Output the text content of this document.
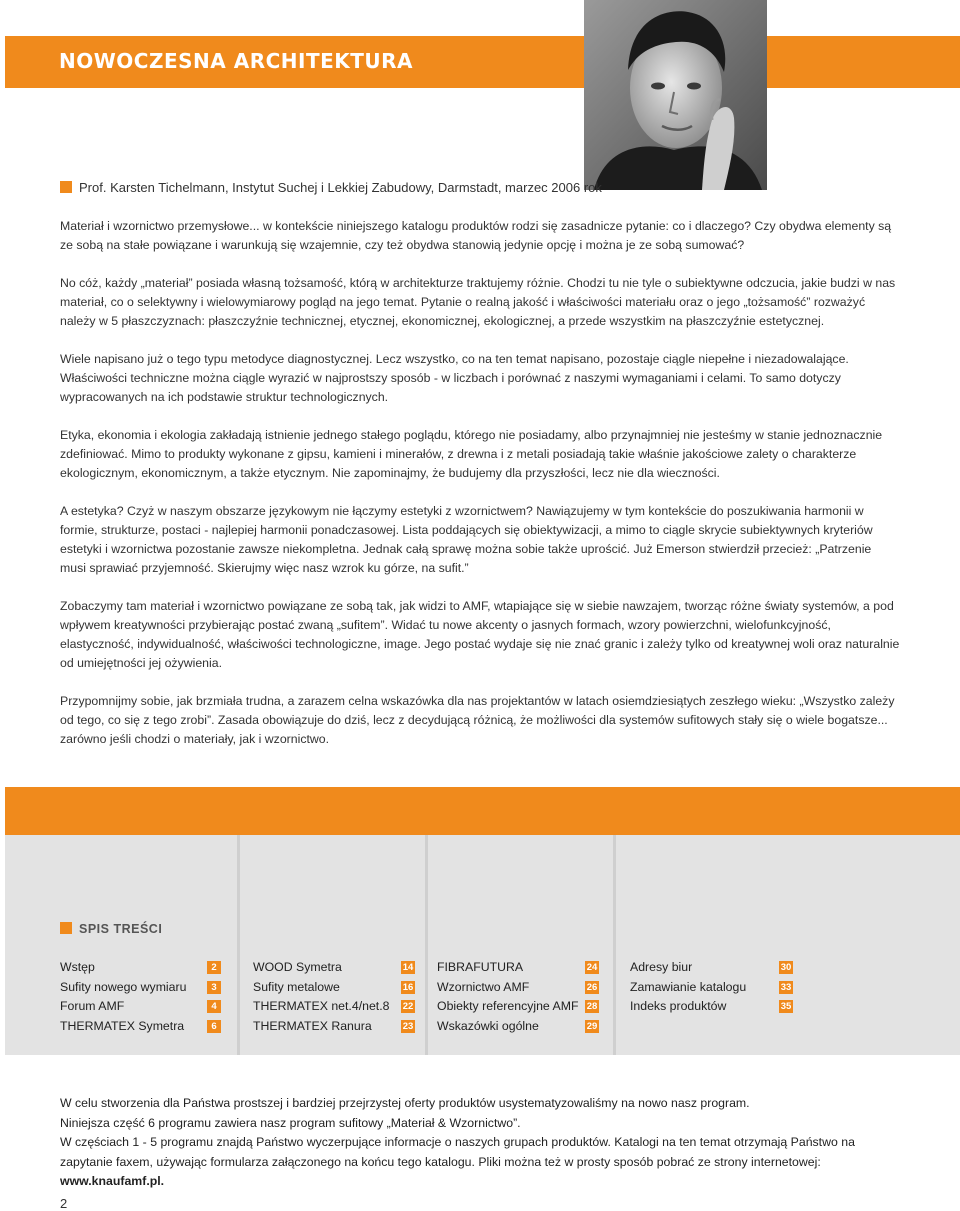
NOWOCZESNA ARCHITEKTURA
Prof. Karsten Tichelmann, Instytut Suchej i Lekkiej Zabudowy, Darmstadt, marzec 2006 rok

Materiał i wzornictwo przemysłowe... w kontekście niniejszego katalogu produktów rodzi się zasadnicze pytanie: co i dlaczego? Czy obydwa elementy są ze sobą na stałe powiązane i warunkują się wzajemnie, czy też obydwa stanowią jedynie opcję i można je ze sobą sumować?

No cóż, każdy „materiał” posiada własną tożsamość, którą w architekturze traktujemy różnie. Chodzi tu nie tyle o subiektywne odczucia, jakie budzi w nas materiał, co o selektywny i wielowymiarowy pogląd na jego temat. Pytanie o realną jakość i właściwości materiału oraz o jego „tożsamość” rozważyć należy w 5 płaszczyznach: płaszczyźnie technicznej, etycznej, ekonomicznej, ekologicznej, a przede wszystkim na płaszczyźnie estetycznej.

Wiele napisano już o tego typu metodyce diagnostycznej. Lecz wszystko, co na ten temat napisano, pozostaje ciągle niepełne i niezadowalające. Właściwości techniczne można ciągle wyrazić w najprostszy sposób - w liczbach i porównać z naszymi wymaganiami i celami. To samo dotyczy wypracowanych na ich podstawie struktur technologicznych.

Etyka, ekonomia i ekologia zakładają istnienie jednego stałego poglądu, którego nie posiadamy, albo przynajmniej nie jesteśmy w stanie jednoznacznie zdefiniować. Mimo to produkty wykonane z gipsu, kamieni i minerałów, z drewna i z metali posiadają takie właśnie jakościowe zalety o charakterze ekologicznym, ekonomicznym, a także etycznym. Nie zapominajmy, że budujemy dla przyszłości, lecz nie dla wieczności.

A estetyka? Czyż w naszym obszarze językowym nie łączymy estetyki z wzornictwem? Nawiązujemy w tym kontekście do poszukiwania harmonii w formie, strukturze, postaci - najlepiej harmonii ponadczasowej. Lista poddających się obiektywizacji, a mimo to ciągle skrycie subiektywnych kryteriów estetyki i wzornictwa pozostanie zawsze niekompletna. Jednak całą sprawę można sobie także uprościć. Już Emerson stwierdził przecież: „Patrzenie musi sprawiać przyjemność. Skierujmy więc nasz wzrok ku górze, na sufit.”

Zobaczymy tam materiał i wzornictwo powiązane ze sobą tak, jak widzi to AMF, wtapiające się w siebie nawzajem, tworząc różne światy systemów, a pod wpływem kreatywności przybierając postać zwaną „sufitem”. Widać tu nowe akcenty o jasnych formach, wzory powierzchni, wielofunkcyjność, elastyczność, indywidualność, właściwości technologiczne, image. Jego postać wydaje się nie znać granic i zależy tylko od kreatywnej woli oraz naturalnie od umiejętności jej ożywienia.

Przypomnijmy sobie, jak brzmiała trudna, a zarazem celna wskazówka dla nas projektantów w latach osiemdziesiątych zeszłego wieku: „Wszystko zależy od tego, co się z tego zrobi”. Zasada obowiązuje do dziś, lecz z decydującą różnicą, że możliwości dla systemów sufitowych stały się o wiele bogatsze... zarówno jeśli chodzi o materiały, jak i wzornictwo.

SPIS TREŚCI
Wstęp	2
Sufity nowego wymiaru	3
Forum AMF	4
THERMATEX Symetra	6
WOOD Symetra	14
Sufity metalowe	16
THERMATEX net.4/net.8 22
THERMATEX Ranura	23
FIBRAFUTURA	24
Wzornictwo AMF	26
Obiekty referencyjne AMF 28
Wskazówki ogólne	29
Adresy biur	30
Zamawianie katalogu	33
Indeks produktów	35

W celu stworzenia dla Państwa prostszej i bardziej przejrzystej oferty produktów usystematyzowaliśmy na nowo nasz program.

Niniejsza część 6 programu zawiera nasz program sufitowy „Materiał & Wzornictwo”.

W częściach 1 - 5 programu znajdą Państwo wyczerpujące informacje o naszych grupach produktów. Katalogi na ten temat otrzymają Państwo na zapytanie faxem, używając formularza załączonego na końcu tego katalogu. Pliki można też w prosty sposób pobrać ze strony internetowej:

www.knaufamf.pl.

2
